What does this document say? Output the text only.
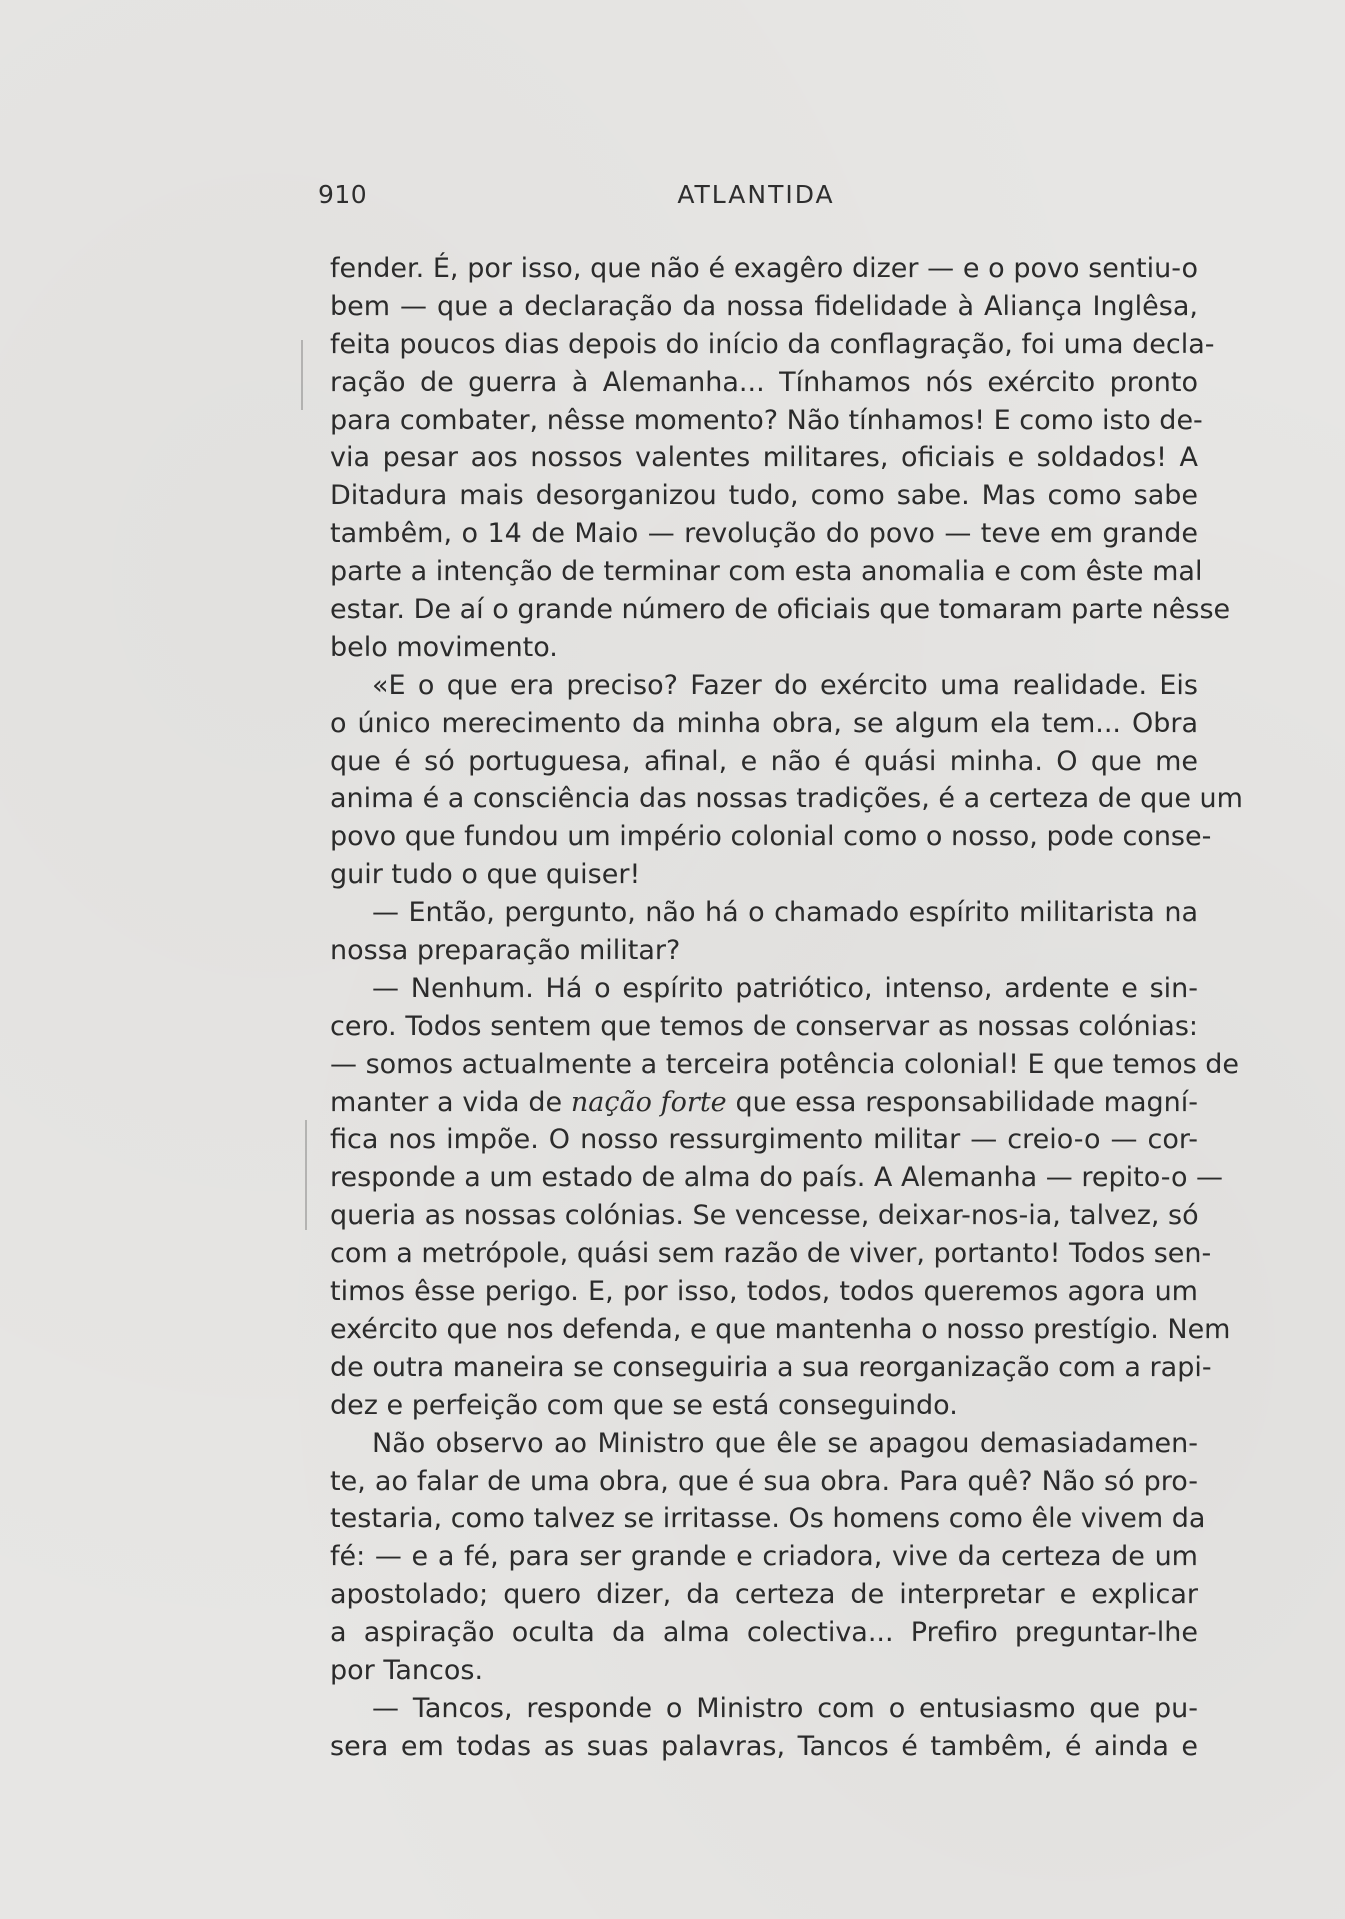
910	ATLANTIDA
fender. É, por isso, que não é exagêro dizer — e o povo sentiu-o
bem — que a declaração da nossa fidelidade à Aliança Inglêsa,
feita poucos dias depois do início da conflagração, foi uma decla-
ração de guerra à Alemanha... Tínhamos nós exército pronto
para combater, nêsse momento? Não tínhamos! E como isto de-
via pesar aos nossos valentes militares, oficiais e soldados! A
Ditadura mais desorganizou tudo, como sabe. Mas como sabe
tambêm, o 14 de Maio — revolução do povo — teve em grande
parte a intenção de terminar com esta anomalia e com êste mal
estar. De aí o grande número de oficiais que tomaram parte nêsse
belo movimento.
«E o que era preciso? Fazer do exército uma realidade. Eis
o único merecimento da minha obra, se algum ela tem... Obra
que é só portuguesa, afinal, e não é quási minha. O que me
anima é a consciência das nossas tradições, é a certeza de que um
povo que fundou um império colonial como o nosso, pode conse-
guir tudo o que quiser!
— Então, pergunto, não há o chamado espírito militarista na
nossa preparação militar?
— Nenhum. Há o espírito patriótico, intenso, ardente e sin-
cero. Todos sentem que temos de conservar as nossas colónias:
— somos actualmente a terceira potência colonial! E que temos de
manter a vida de nação forte que essa responsabilidade magní-
fica nos impõe. O nosso ressurgimento militar — creio-o — cor-
responde a um estado de alma do país. A Alemanha — repito-o —
queria as nossas colónias. Se vencesse, deixar-nos-ia, talvez, só
com a metrópole, quási sem razão de viver, portanto! Todos sen-
timos êsse perigo. E, por isso, todos, todos queremos agora um
exército que nos defenda, e que mantenha o nosso prestígio. Nem
de outra maneira se conseguiria a sua reorganização com a rapi-
dez e perfeição com que se está conseguindo.
Não observo ao Ministro que êle se apagou demasiadamen-
te, ao falar de uma obra, que é sua obra. Para quê? Não só pro-
testaria, como talvez se irritasse. Os homens como êle vivem da
fé: — e a fé, para ser grande e criadora, vive da certeza de um
apostolado; quero dizer, da certeza de interpretar e explicar
a aspiração oculta da alma colectiva... Prefiro preguntar-lhe
por Tancos.
— Tancos, responde o Ministro com o entusiasmo que pu-
sera em todas as suas palavras, Tancos é tambêm, é ainda e
